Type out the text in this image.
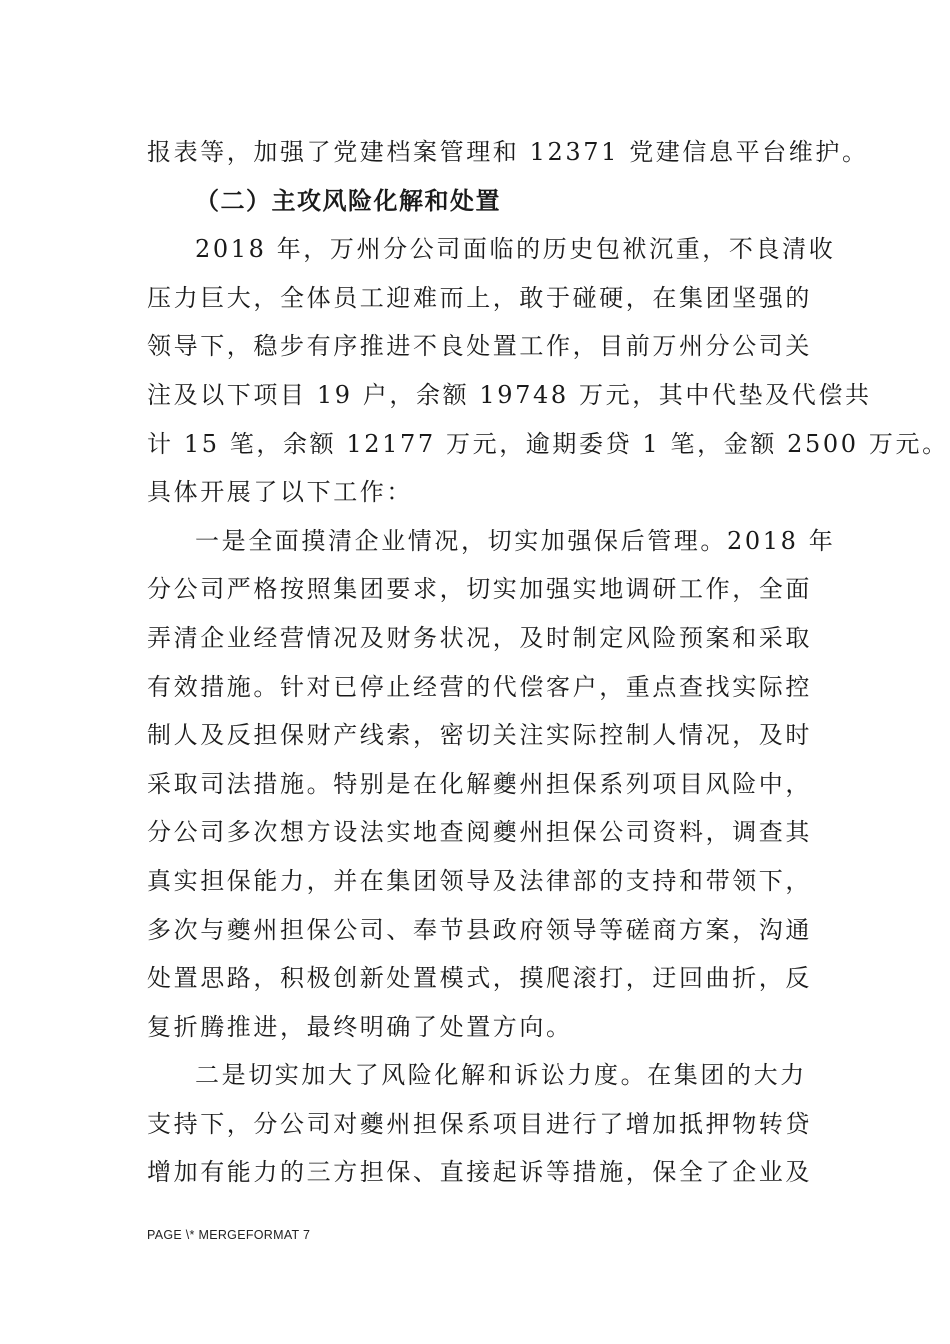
报表等，加强了党建档案管理和 12371 党建信息平台维护。
（二）主攻风险化解和处置
2018 年，万州分公司面临的历史包袱沉重，不良清收
压力巨大，全体员工迎难而上，敢于碰硬，在集团坚强的
领导下，稳步有序推进不良处置工作，目前万州分公司关
注及以下项目 19 户，余额 19748 万元，其中代垫及代偿共
计 15 笔，余额 12177 万元，逾期委贷 1 笔，金额 2500 万元。
具体开展了以下工作：
一是全面摸清企业情况，切实加强保后管理。2018 年
分公司严格按照集团要求，切实加强实地调研工作，全面
弄清企业经营情况及财务状况，及时制定风险预案和采取
有效措施。针对已停止经营的代偿客户，重点查找实际控
制人及反担保财产线索，密切关注实际控制人情况，及时
采取司法措施。特别是在化解夔州担保系列项目风险中，
分公司多次想方设法实地查阅夔州担保公司资料，调查其
真实担保能力，并在集团领导及法律部的支持和带领下，
多次与夔州担保公司、奉节县政府领导等磋商方案，沟通
处置思路，积极创新处置模式，摸爬滚打，迂回曲折，反
复折腾推进，最终明确了处置方向。
二是切实加大了风险化解和诉讼力度。在集团的大力
支持下，分公司对夔州担保系项目进行了增加抵押物转贷
增加有能力的三方担保、直接起诉等措施，保全了企业及
PAGE \* MERGEFORMAT 7
